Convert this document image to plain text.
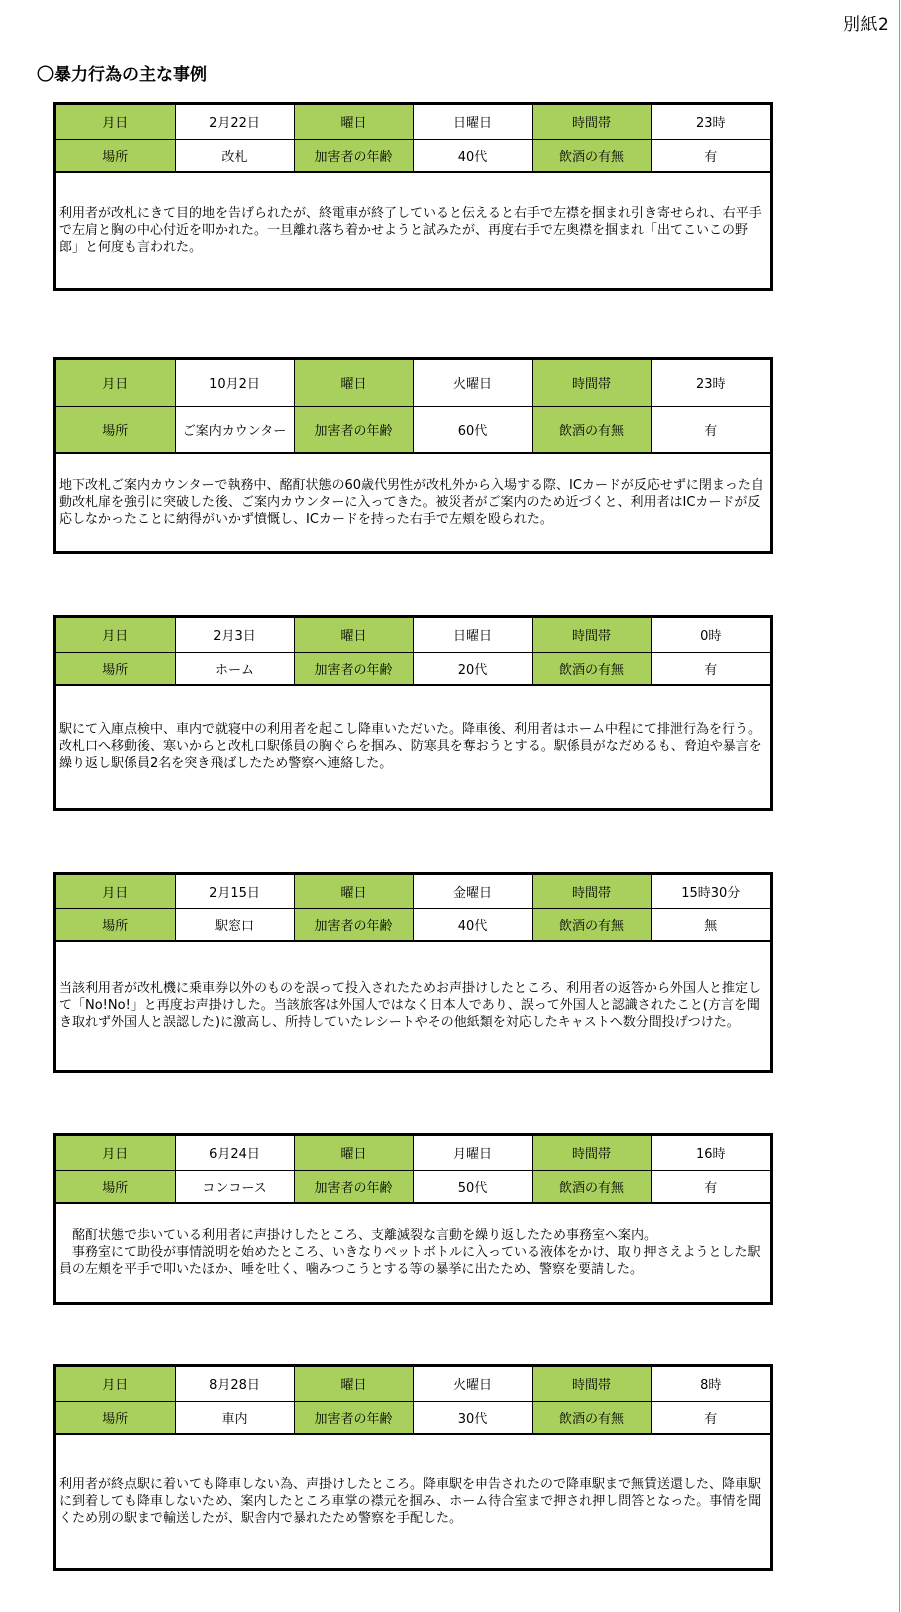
別紙2
〇暴力行為の主な事例
月日	2月22日	曜日	日曜日	時間帯	23時
場所	改札	加害者の年齢	40代	飲酒の有無	有
利用者が改札にきて目的地を告げられたが、終電車が終了していると伝えると右手で左襟を掴まれ引き寄せられ、右平手で左肩と胸の中心付近を叩かれた。一旦離れ落ち着かせようと試みたが、再度右手で左奥襟を掴まれ「出てこいこの野郎」と何度も言われた。
月日	10月2日	曜日	火曜日	時間帯	23時
場所	ご案内カウンター	加害者の年齢	60代	飲酒の有無	有
地下改札ご案内カウンターで執務中、酩酊状態の60歳代男性が改札外から入場する際、ICカードが反応せずに閉まった自動改札扉を強引に突破した後、ご案内カウンターに入ってきた。被災者がご案内のため近づくと、利用者はICカードが反応しなかったことに納得がいかず憤慨し、ICカードを持った右手で左頬を殴られた。
月日	2月3日	曜日	日曜日	時間帯	0時
場所	ホーム	加害者の年齢	20代	飲酒の有無	有
駅にて入庫点検中、車内で就寝中の利用者を起こし降車いただいた。降車後、利用者はホーム中程にて排泄行為を行う。改札口へ移動後、寒いからと改札口駅係員の胸ぐらを掴み、防寒具を奪おうとする。駅係員がなだめるも、脅迫や暴言を繰り返し駅係員2名を突き飛ばしたため警察へ連絡した。
月日	2月15日	曜日	金曜日	時間帯	15時30分
場所	駅窓口	加害者の年齢	40代	飲酒の有無	無
当該利用者が改札機に乗車券以外のものを誤って投入されたためお声掛けしたところ、利用者の返答から外国人と推定して「No!No!」と再度お声掛けした。当該旅客は外国人ではなく日本人であり、誤って外国人と認識されたこと(方言を聞き取れず外国人と誤認した)に激高し、所持していたレシートやその他紙類を対応したキャストへ数分間投げつけた。
月日	6月24日	曜日	月曜日	時間帯	16時
場所	コンコース	加害者の年齢	50代	飲酒の有無	有
　酩酊状態で歩いている利用者に声掛けしたところ、支離滅裂な言動を繰り返したため事務室へ案内。
　事務室にて助役が事情説明を始めたところ、いきなりペットボトルに入っている液体をかけ、取り押さえようとした駅員の左頬を平手で叩いたほか、唾を吐く、噛みつこうとする等の暴挙に出たため、警察を要請した。
月日	8月28日	曜日	火曜日	時間帯	8時
場所	車内	加害者の年齢	30代	飲酒の有無	有
利用者が終点駅に着いても降車しない為、声掛けしたところ。降車駅を申告されたので降車駅まで無賃送還した、降車駅に到着しても降車しないため、案内したところ車掌の襟元を掴み、ホーム待合室まで押され押し問答となった。事情を聞くため別の駅まで輸送したが、駅舎内で暴れたため警察を手配した。
